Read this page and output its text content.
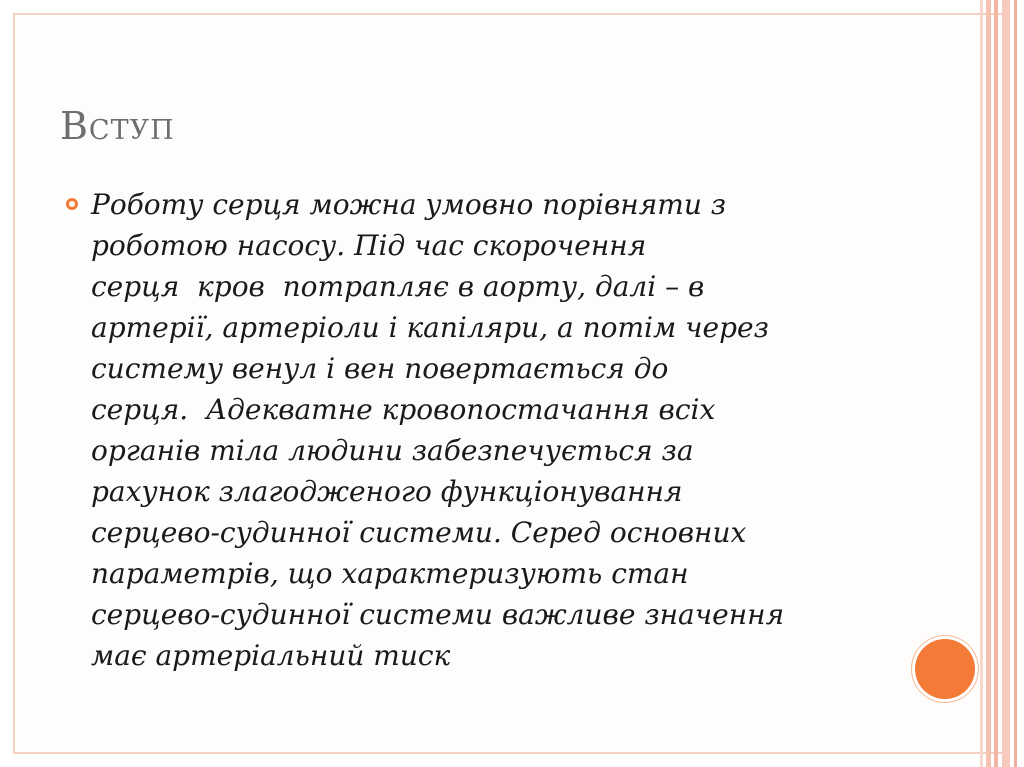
Вступ

Роботу серця можна умовно порівняти з
роботою насосу. Під час скорочення
серця  кров  потрапляє в аорту, далі – в
артерії, артеріоли і капіляри, а потім через
систему венул і вен повертається до
серця.  Адекватне кровопостачання всіх
органів тіла людини забезпечується за
рахунок злагодженого функціонування
серцево-судинної системи. Серед основних
параметрів, що характеризують стан
серцево-судинної системи важливе значення
має артеріальний тиск
